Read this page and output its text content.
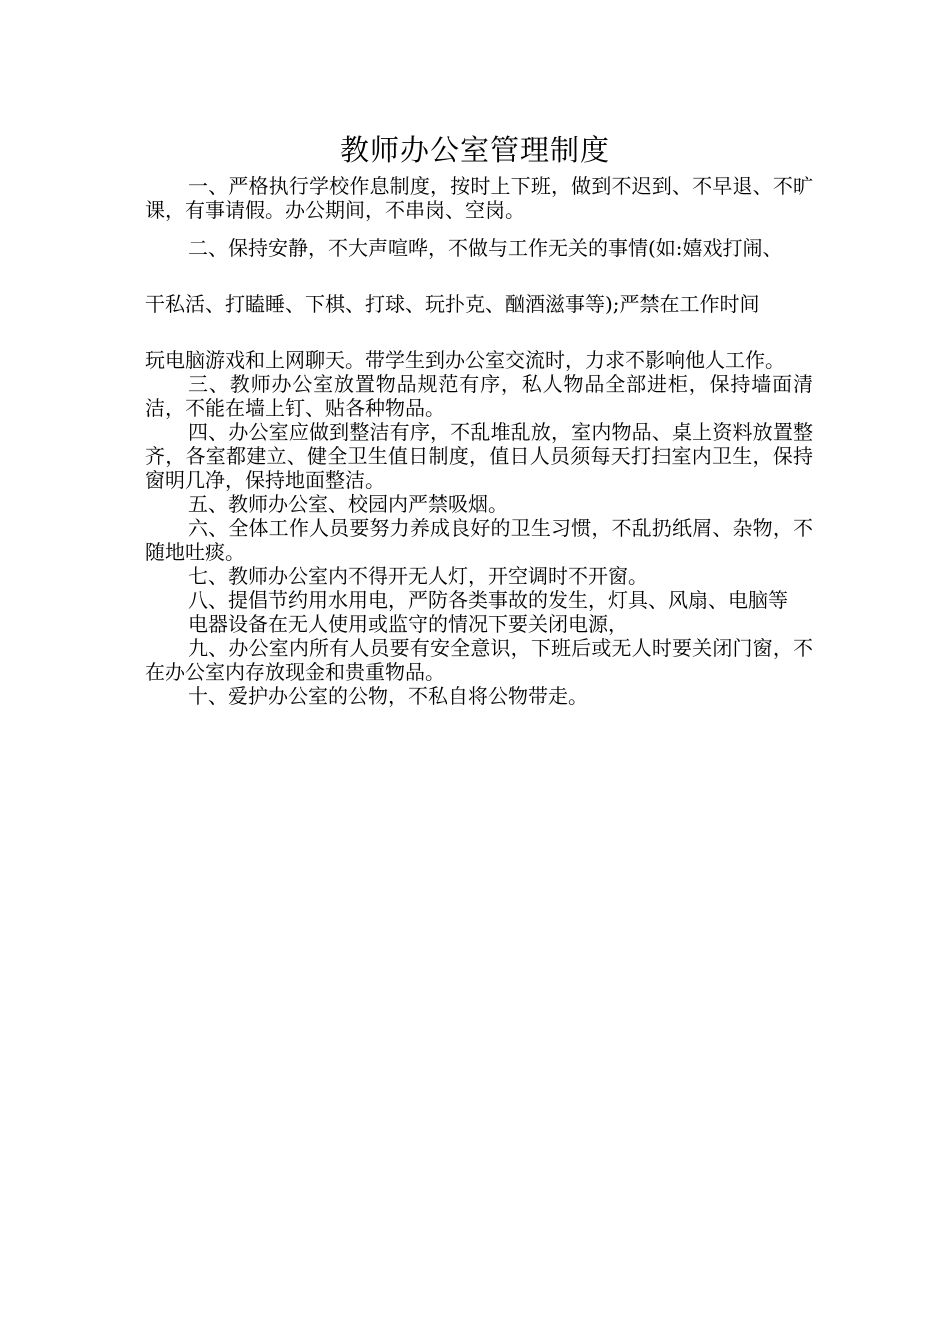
教师办公室管理制度

一、严格执行学校作息制度，按时上下班，做到不迟到、不早退、不旷课，有事请假。办公期间，不串岗、空岗。

二、保持安静，不大声喧哗，不做与工作无关的事情(如:嬉戏打闹、

干私活、打瞌睡、下棋、打球、玩扑克、酗酒滋事等);严禁在工作时间

玩电脑游戏和上网聊天。带学生到办公室交流时，力求不影响他人工作。

三、教师办公室放置物品规范有序，私人物品全部进柜，保持墙面清洁，不能在墙上钉、贴各种物品。

四、办公室应做到整洁有序，不乱堆乱放，室内物品、桌上资料放置整齐，各室都建立、健全卫生值日制度，值日人员须每天打扫室内卫生，保持窗明几净，保持地面整洁。

五、教师办公室、校园内严禁吸烟。

六、全体工作人员要努力养成良好的卫生习惯，不乱扔纸屑、杂物，不随地吐痰。

七、教师办公室内不得开无人灯，开空调时不开窗。

八、提倡节约用水用电，严防各类事故的发生，灯具、风扇、电脑等

电器设备在无人使用或监守的情况下要关闭电源，

九、办公室内所有人员要有安全意识，下班后或无人时要关闭门窗，不在办公室内存放现金和贵重物品。

十、爱护办公室的公物，不私自将公物带走。
